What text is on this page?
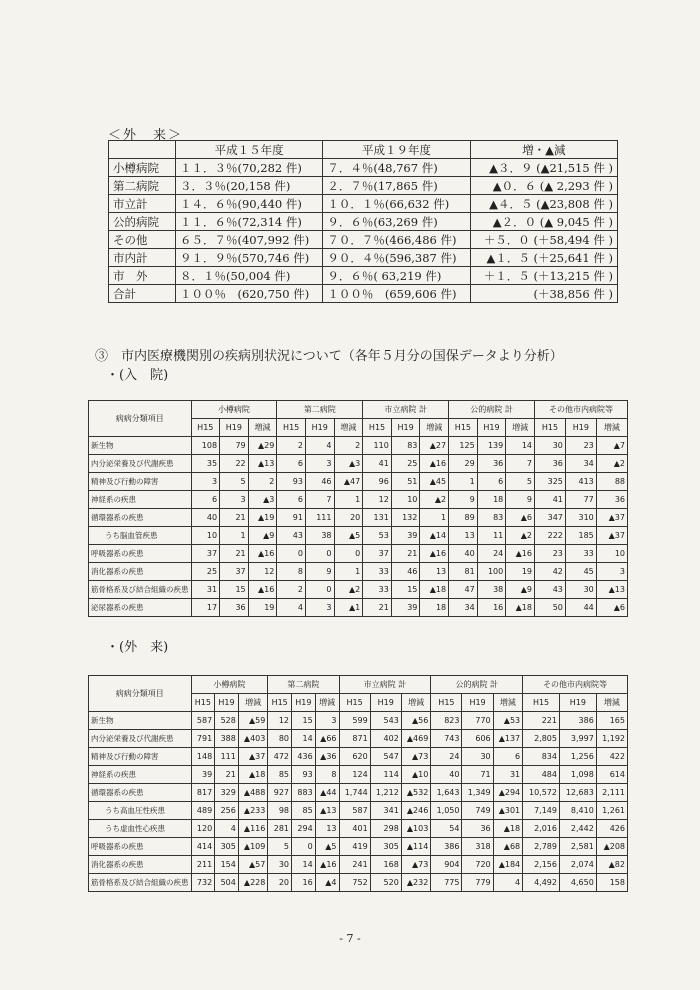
＜外　来＞
	平成１５年度	平成１９年度	増・▲減
小樽病院	１１．３％(70,282 件)	７．４％(48,767 件)	▲３．９ (▲21,515 件 )
第二病院	３．３％(20,158 件)	２．７％(17,865 件)	▲０．６ (▲ 2,293 件 )
市立計	１４．６％(90,440 件)	１０．１％(66,632 件)	▲４．５ (▲23,808 件 )
公的病院	１１．６％(72,314 件)	９．６％(63,269 件)	▲２．０ (▲ 9,045 件 )
その他	６５．７％(407,992 件)	７０．７％(466,486 件)	＋５．０ (＋58,494 件 )
市内計	９１．９％(570,746 件)	９０．４％(596,387 件)	▲１．５ (＋25,641 件 )
市　外	８．１％(50,004 件)	９．６％( 63,219 件)	＋１．５ (＋13,215 件 )
合計	１００％　(620,750 件)	１００％　(659,606 件)	(＋38,856 件 )
③　市内医療機関別の疾病別状況について（各年５月分の国保データより分析）
・(入　院)
病病分類項目	小樽病院			第二病院			市立病院 計			公的病院 計			その他市内病院等		
	H15	H19	増減	H15	H19	増減	H15	H19	増減	H15	H19	増減	H15	H19	増減
新生物	108	79	▲29	2	4	2	110	83	▲27	125	139	14	30	23	▲7
内分泌栄養及び代謝疾患	35	22	▲13	6	3	▲3	41	25	▲16	29	36	7	36	34	▲2
精神及び行動の障害	3	5	2	93	46	▲47	96	51	▲45	1	6	5	325	413	88
神経系の疾患	6	3	▲3	6	7	1	12	10	▲2	9	18	9	41	77	36
循環器系の疾患	40	21	▲19	91	111	20	131	132	1	89	83	▲6	347	310	▲37
うち脳血管疾患	10	1	▲9	43	38	▲5	53	39	▲14	13	11	▲2	222	185	▲37
呼吸器系の疾患	37	21	▲16	0	0	0	37	21	▲16	40	24	▲16	23	33	10
消化器系の疾患	25	37	12	8	9	1	33	46	13	81	100	19	42	45	3
筋骨格系及び結合組織の疾患	31	15	▲16	2	0	▲2	33	15	▲18	47	38	▲9	43	30	▲13
泌尿器系の疾患	17	36	19	4	3	▲1	21	39	18	34	16	▲18	50	44	▲6
・(外　来)
病病分類項目	小樽病院			第二病院			市立病院 計			公的病院 計			その他市内病院等		
	H15	H19	増減	H15	H19	増減	H15	H19	増減	H15	H19	増減	H15	H19	増減
新生物	587	528	▲59	12	15	3	599	543	▲56	823	770	▲53	221	386	165
内分泌栄養及び代謝疾患	791	388	▲403	80	14	▲66	871	402	▲469	743	606	▲137	2,805	3,997	1,192
精神及び行動の障害	148	111	▲37	472	436	▲36	620	547	▲73	24	30	6	834	1,256	422
神経系の疾患	39	21	▲18	85	93	8	124	114	▲10	40	71	31	484	1,098	614
循環器系の疾患	817	329	▲488	927	883	▲44	1,744	1,212	▲532	1,643	1,349	▲294	10,572	12,683	2,111
うち高血圧性疾患	489	256	▲233	98	85	▲13	587	341	▲246	1,050	749	▲301	7,149	8,410	1,261
うち虚血性心疾患	120	4	▲116	281	294	13	401	298	▲103	54	36	▲18	2,016	2,442	426
呼吸器系の疾患	414	305	▲109	5	0	▲5	419	305	▲114	386	318	▲68	2,789	2,581	▲208
消化器系の疾患	211	154	▲57	30	14	▲16	241	168	▲73	904	720	▲184	2,156	2,074	▲82
筋骨格系及び結合組織の疾患	732	504	▲228	20	16	▲4	752	520	▲232	775	779	4	4,492	4,650	158
- 7 -
